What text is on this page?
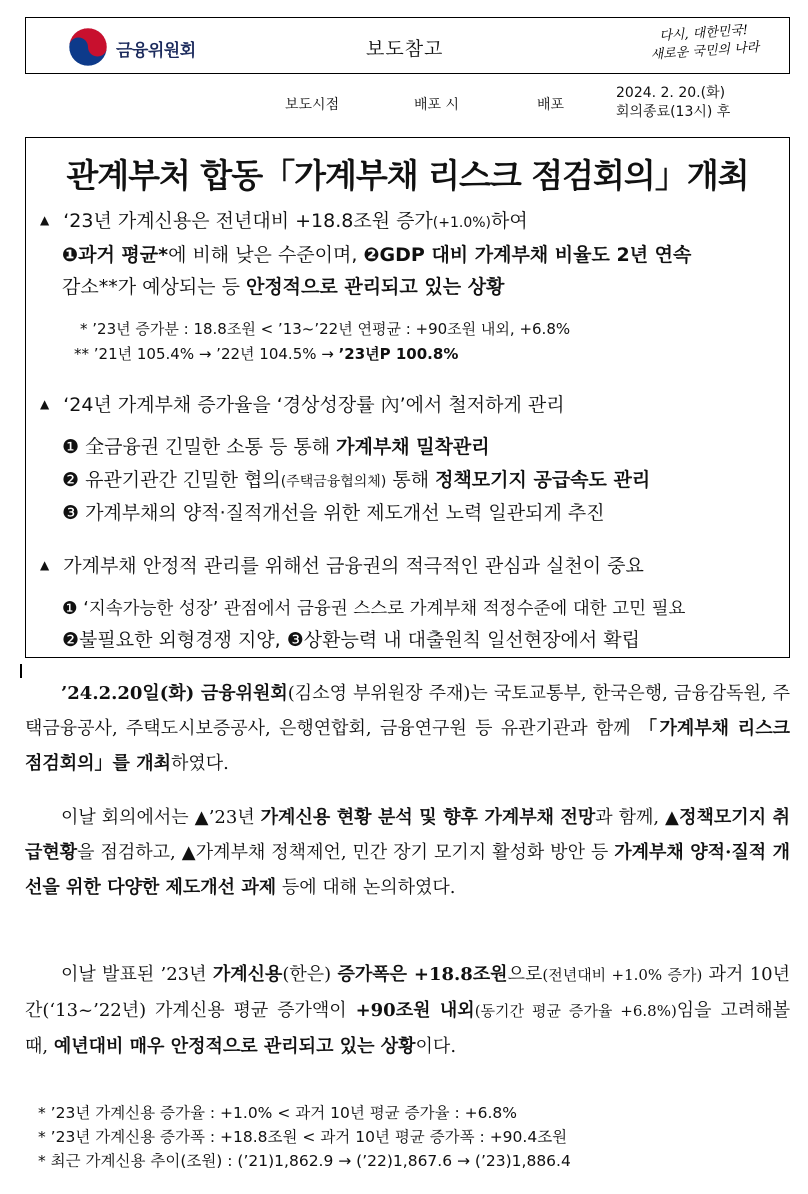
금융위원회	보도참고
다시, 대한민국!
새로운 국민의 나라
보도시점	배포 시	배포
2024. 2. 20.(화)
회의종료(13시) 후
관계부처 합동「가계부채 리스크 점검회의」개최
▲ ‘23년 가계신용은 전년대비 +18.8조원 증가(+1.0%)하여
❶과거 평균*에 비해 낮은 수준이며, ❷GDP 대비 가계부채 비율도 2년 연속
감소**가 예상되는 등 안정적으로 관리되고 있는 상황
* ’23년 증가분 : 18.8조원 < ’13~’22년 연평균 : +90조원 내외, +6.8%
** ’21년 105.4% → ’22년 104.5% → ’23년P 100.8%
▲ ‘24년 가계부채 증가율을 ‘경상성장률 內’에서 철저하게 관리
❶ 全금융권 긴밀한 소통 등 통해 가계부채 밀착관리
❷ 유관기관간 긴밀한 협의(주택금융협의체) 통해 정책모기지 공급속도 관리
❸ 가계부채의 양적·질적개선을 위한 제도개선 노력 일관되게 추진
▲ 가계부채 안정적 관리를 위해선 금융권의 적극적인 관심과 실천이 중요
❶ ‘지속가능한 성장’ 관점에서 금융권 스스로 가계부채 적정수준에 대한 고민 필요
❷불필요한 외형경쟁 지양, ❸상환능력 내 대출원칙 일선현장에서 확립
’24.2.20일(화) 금융위원회(김소영 부위원장 주재)는 국토교통부, 한국은행, 금융감독원, 주택금융공사, 주택도시보증공사, 은행연합회, 금융연구원 등 유관기관과 함께 「가계부채 리스크 점검회의」를 개최하였다.
이날 회의에서는 ▲’23년 가계신용 현황 분석 및 향후 가계부채 전망과 함께, ▲정책모기지 취급현황을 점검하고, ▲가계부채 정책제언, 민간 장기 모기지 활성화 방안 등 가계부채 양적·질적 개선을 위한 다양한 제도개선 과제 등에 대해 논의하였다.
이날 발표된 ’23년 가계신용(한은) 증가폭은 +18.8조원으로(전년대비 +1.0% 증가) 과거 10년간(‘13~’22년) 가계신용 평균 증가액이 +90조원 내외(동기간 평균 증가율 +6.8%)임을 고려해볼 때, 예년대비 매우 안정적으로 관리되고 있는 상황이다.
* ’23년 가계신용 증가율 : +1.0% < 과거 10년 평균 증가율 : +6.8%
* ’23년 가계신용 증가폭 : +18.8조원 < 과거 10년 평균 증가폭 : +90.4조원
* 최근 가계신용 추이(조원) : (’21)1,862.9 → (’22)1,867.6 → (’23)1,886.4
